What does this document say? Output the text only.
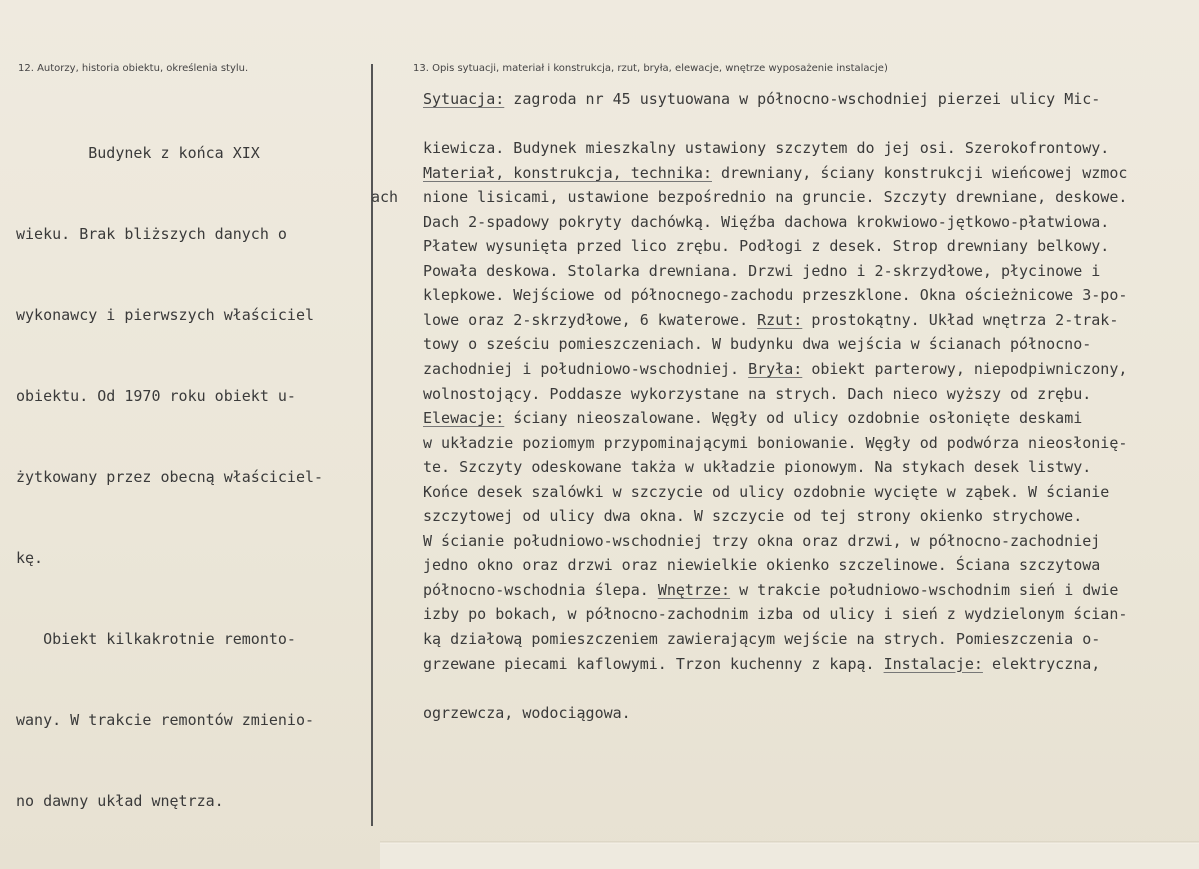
12. Autorzy, historia obiektu, określenia stylu.	13. Opis sytuacji, materiał i konstrukcja, rzut, bryła, elewacje, wnętrze wyposażenie instalacje)

Budynek z końca XIX

wieku. Brak bliższych danych o

wykonawcy i pierwszych właściciel

obiektu. Od 1970 roku obiekt u-

żytkowany przez obecną właściciel-

kę.

Obiekt kilkakrotnie remonto-

wany. W trakcie remontów zmienio-

no dawny układ wnętrza.

ach
Sytuacja: zagroda nr 45 usytuowana w północno-wschodniej pierzei ulicy Mic-
kiewicza. Budynek mieszkalny ustawiony szczytem do jej osi. Szerokofrontowy.
Materiał, konstrukcja, technika: drewniany, ściany konstrukcji wieńcowej wzmoc
nione lisicami, ustawione bezpośrednio na gruncie. Szczyty drewniane, deskowe.
Dach 2-spadowy pokryty dachówką. Więźba dachowa krokwiowo-jętkowo-płatwiowa.
Płatew wysunięta przed lico zrębu. Podłogi z desek. Strop drewniany belkowy.
Powała deskowa. Stolarka drewniana. Drzwi jedno i 2-skrzydłowe, płycinowe i
klepkowe. Wejściowe od północnego-zachodu przeszklone. Okna ościeżnicowe 3-po-
lowe oraz 2-skrzydłowe, 6 kwaterowe. Rzut: prostokątny. Układ wnętrza 2-trak-
towy o sześciu pomieszczeniach. W budynku dwa wejścia w ścianach północno-
zachodniej i południowo-wschodniej. Bryła: obiekt parterowy, niepodpiwniczony,
wolnostojący. Poddasze wykorzystane na strych. Dach nieco wyższy od zrębu.
Elewacje: ściany nieoszalowane. Węgły od ulicy ozdobnie osłonięte deskami
w układzie poziomym przypominającymi boniowanie. Węgły od podwórza nieosłonię-
te. Szczyty odeskowane takża w układzie pionowym. Na stykach desek listwy.
Końce desek szalówki w szczycie od ulicy ozdobnie wycięte w ząbek. W ścianie
szczytowej od ulicy dwa okna. W szczycie od tej strony okienko strychowe.
W ścianie południowo-wschodniej trzy okna oraz drzwi, w północno-zachodniej
jedno okno oraz drzwi oraz niewielkie okienko szczelinowe. Ściana szczytowa
północno-wschodnia ślepa. Wnętrze: w trakcie południowo-wschodnim sień i dwie
izby po bokach, w północno-zachodnim izba od ulicy i sień z wydzielonym ścian-
ką działową pomieszczeniem zawierającym wejście na strych. Pomieszczenia o-
grzewane piecami kaflowymi. Trzon kuchenny z kapą. Instalacje: elektryczna,
ogrzewcza, wodociągowa.
